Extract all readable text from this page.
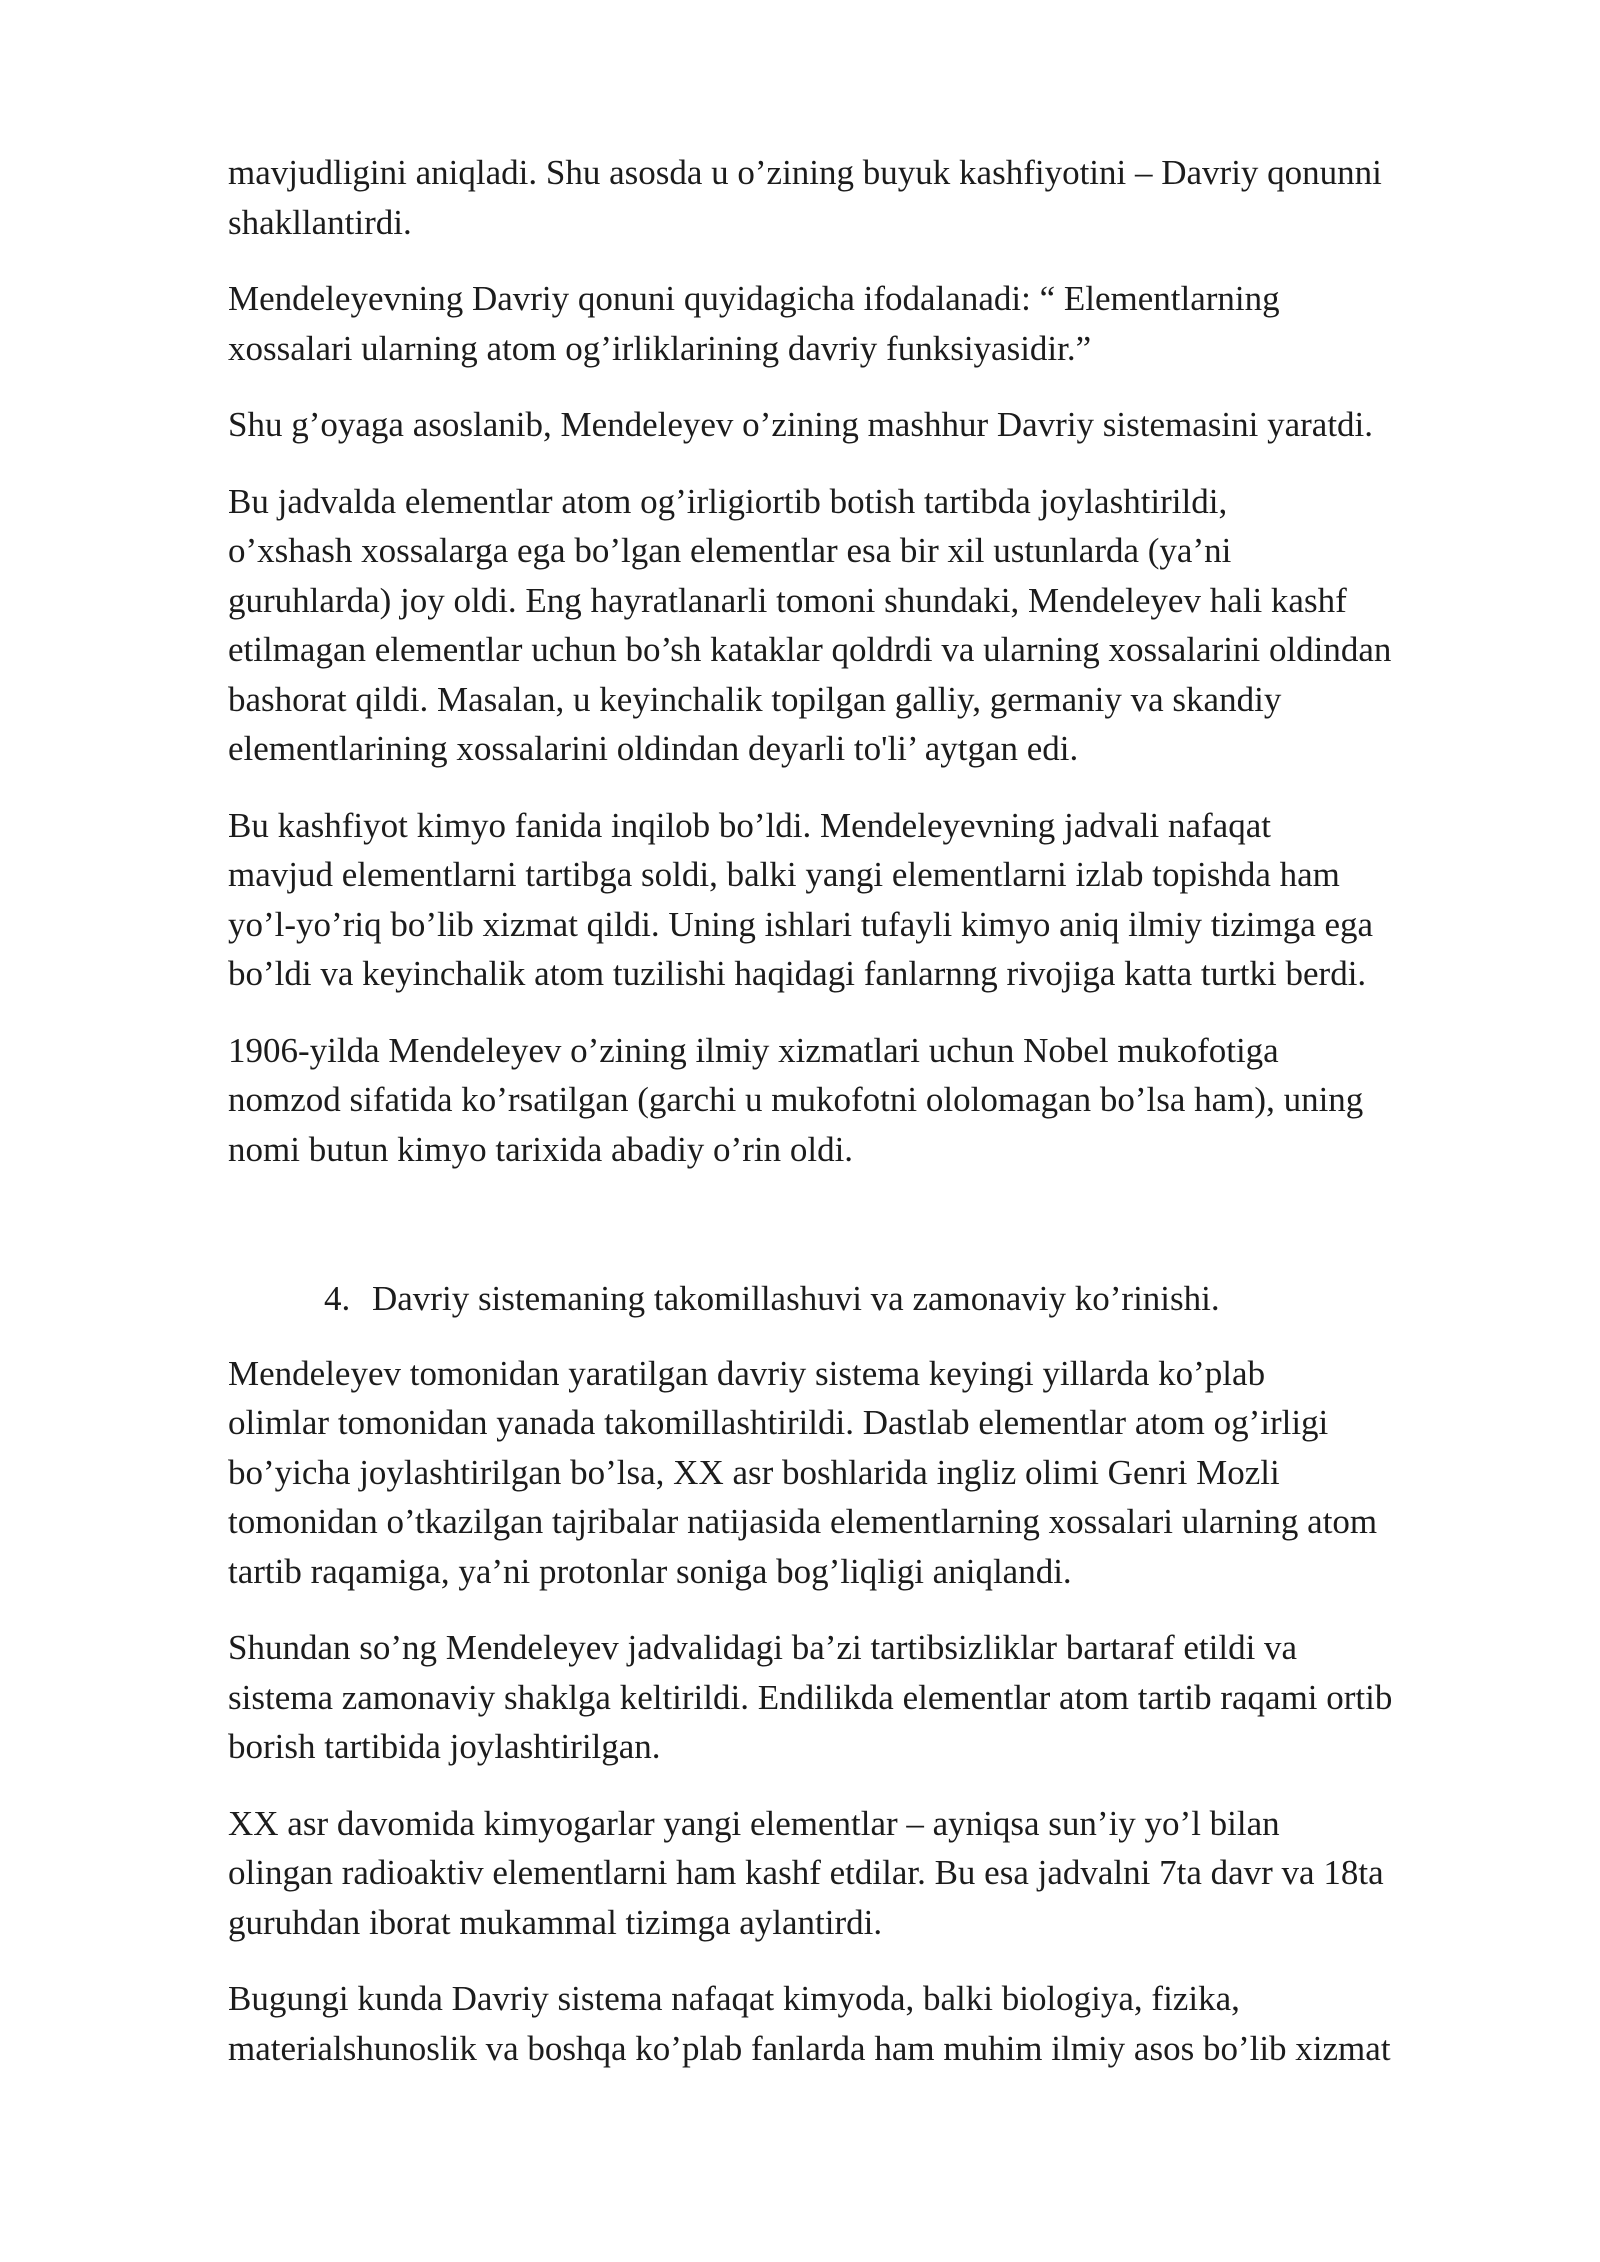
mavjudligini aniqladi. Shu asosda u o’zining buyuk kashfiyotini – Davriy qonunni
shakllantirdi.

Mendeleyevning Davriy qonuni quyidagicha ifodalanadi: “ Elementlarning
xossalari ularning atom og’irliklarining davriy funksiyasidir.”

Shu g’oyaga asoslanib, Mendeleyev o’zining mashhur Davriy sistemasini yaratdi.

Bu jadvalda elementlar atom og’irligiortib botish tartibda joylashtirildi,
o’xshash xossalarga ega bo’lgan elementlar esa bir xil ustunlarda (ya’ni
guruhlarda) joy oldi. Eng hayratlanarli tomoni shundaki, Mendeleyev hali kashf
etilmagan elementlar uchun bo’sh kataklar qoldrdi va ularning xossalarini oldindan
bashorat qildi. Masalan, u keyinchalik topilgan galliy, germaniy va skandiy
elementlarining xossalarini oldindan deyarli to'li’ aytgan edi.

Bu kashfiyot kimyo fanida inqilob bo’ldi. Mendeleyevning jadvali nafaqat
mavjud elementlarni tartibga soldi, balki yangi elementlarni izlab topishda ham
yo’l-yo’riq bo’lib xizmat qildi. Uning ishlari tufayli kimyo aniq ilmiy tizimga ega
bo’ldi va keyinchalik atom tuzilishi haqidagi fanlarnng rivojiga katta turtki berdi.

1906-yilda Mendeleyev o’zining ilmiy xizmatlari uchun Nobel mukofotiga
nomzod sifatida ko’rsatilgan (garchi u mukofotni ololomagan bo’lsa ham), uning
nomi butun kimyo tarixida abadiy o’rin oldi.

4. Davriy sistemaning takomillashuvi va zamonaviy ko’rinishi.

Mendeleyev tomonidan yaratilgan davriy sistema keyingi yillarda ko’plab
olimlar tomonidan yanada takomillashtirildi. Dastlab elementlar atom og’irligi
bo’yicha joylashtirilgan bo’lsa, XX asr boshlarida ingliz olimi Genri Mozli
tomonidan o’tkazilgan tajribalar natijasida elementlarning xossalari ularning atom
tartib raqamiga, ya’ni protonlar soniga bog’liqligi aniqlandi.

Shundan so’ng Mendeleyev jadvalidagi ba’zi tartibsizliklar bartaraf etildi va
sistema zamonaviy shaklga keltirildi. Endilikda elementlar atom tartib raqami ortib
borish tartibida joylashtirilgan.

XX asr davomida kimyogarlar yangi elementlar – ayniqsa sun’iy yo’l bilan
olingan radioaktiv elementlarni ham kashf etdilar. Bu esa jadvalni 7ta davr va 18ta
guruhdan iborat mukammal tizimga aylantirdi.

Bugungi kunda Davriy sistema nafaqat kimyoda, balki biologiya, fizika,
materialshunoslik va boshqa ko’plab fanlarda ham muhim ilmiy asos bo’lib xizmat
